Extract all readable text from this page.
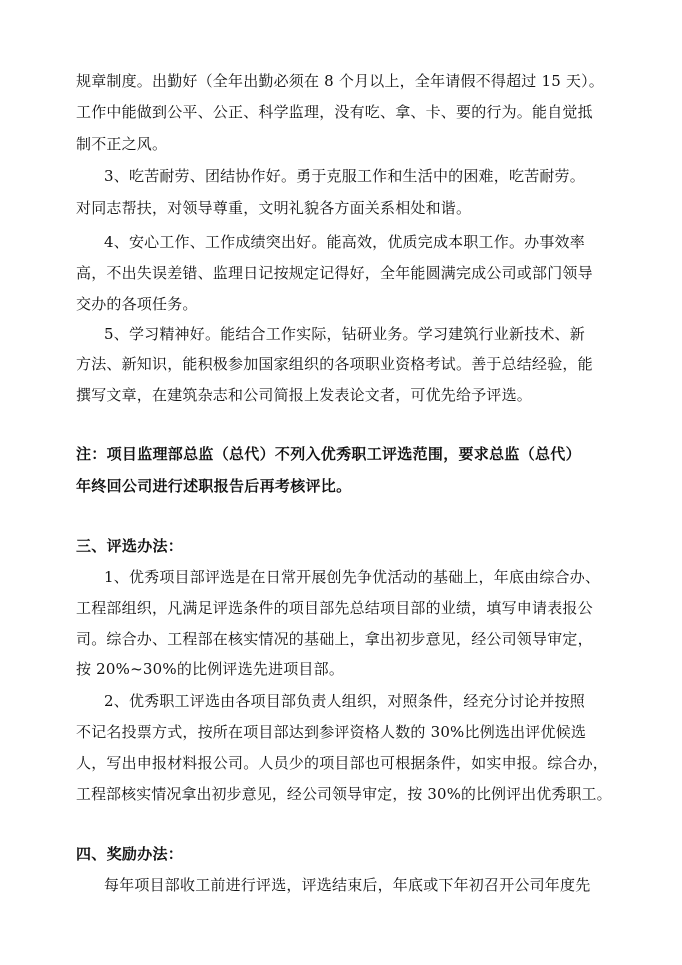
规章制度。出勤好（全年出勤必须在 8 个月以上，全年请假不得超过 15 天）。
工作中能做到公平、公正、科学监理，没有吃、拿、卡、要的行为。能自觉抵
制不正之风。
3、吃苦耐劳、团结协作好。勇于克服工作和生活中的困难，吃苦耐劳。
对同志帮扶，对领导尊重，文明礼貌各方面关系相处和谐。
4、安心工作、工作成绩突出好。能高效，优质完成本职工作。办事效率
高，不出失误差错、监理日记按规定记得好，全年能圆满完成公司或部门领导
交办的各项任务。
5、学习精神好。能结合工作实际，钻研业务。学习建筑行业新技术、新
方法、新知识，能积极参加国家组织的各项职业资格考试。善于总结经验，能
撰写文章，在建筑杂志和公司简报上发表论文者，可优先给予评选。
注：项目监理部总监（总代）不列入优秀职工评选范围，要求总监（总代）
年终回公司进行述职报告后再考核评比。
三、评选办法：
1、优秀项目部评选是在日常开展创先争优活动的基础上，年底由综合办、
工程部组织，凡满足评选条件的项目部先总结项目部的业绩，填写申请表报公
司。综合办、工程部在核实情况的基础上，拿出初步意见，经公司领导审定，
按 20%~30%的比例评选先进项目部。
2、优秀职工评选由各项目部负责人组织，对照条件，经充分讨论并按照
不记名投票方式，按所在项目部达到参评资格人数的 30%比例选出评优候选
人，写出申报材料报公司。人员少的项目部也可根据条件，如实申报。综合办，
工程部核实情况拿出初步意见，经公司领导审定，按 30%的比例评出优秀职工。
四、奖励办法：
每年项目部收工前进行评选，评选结束后，年底或下年初召开公司年度先
